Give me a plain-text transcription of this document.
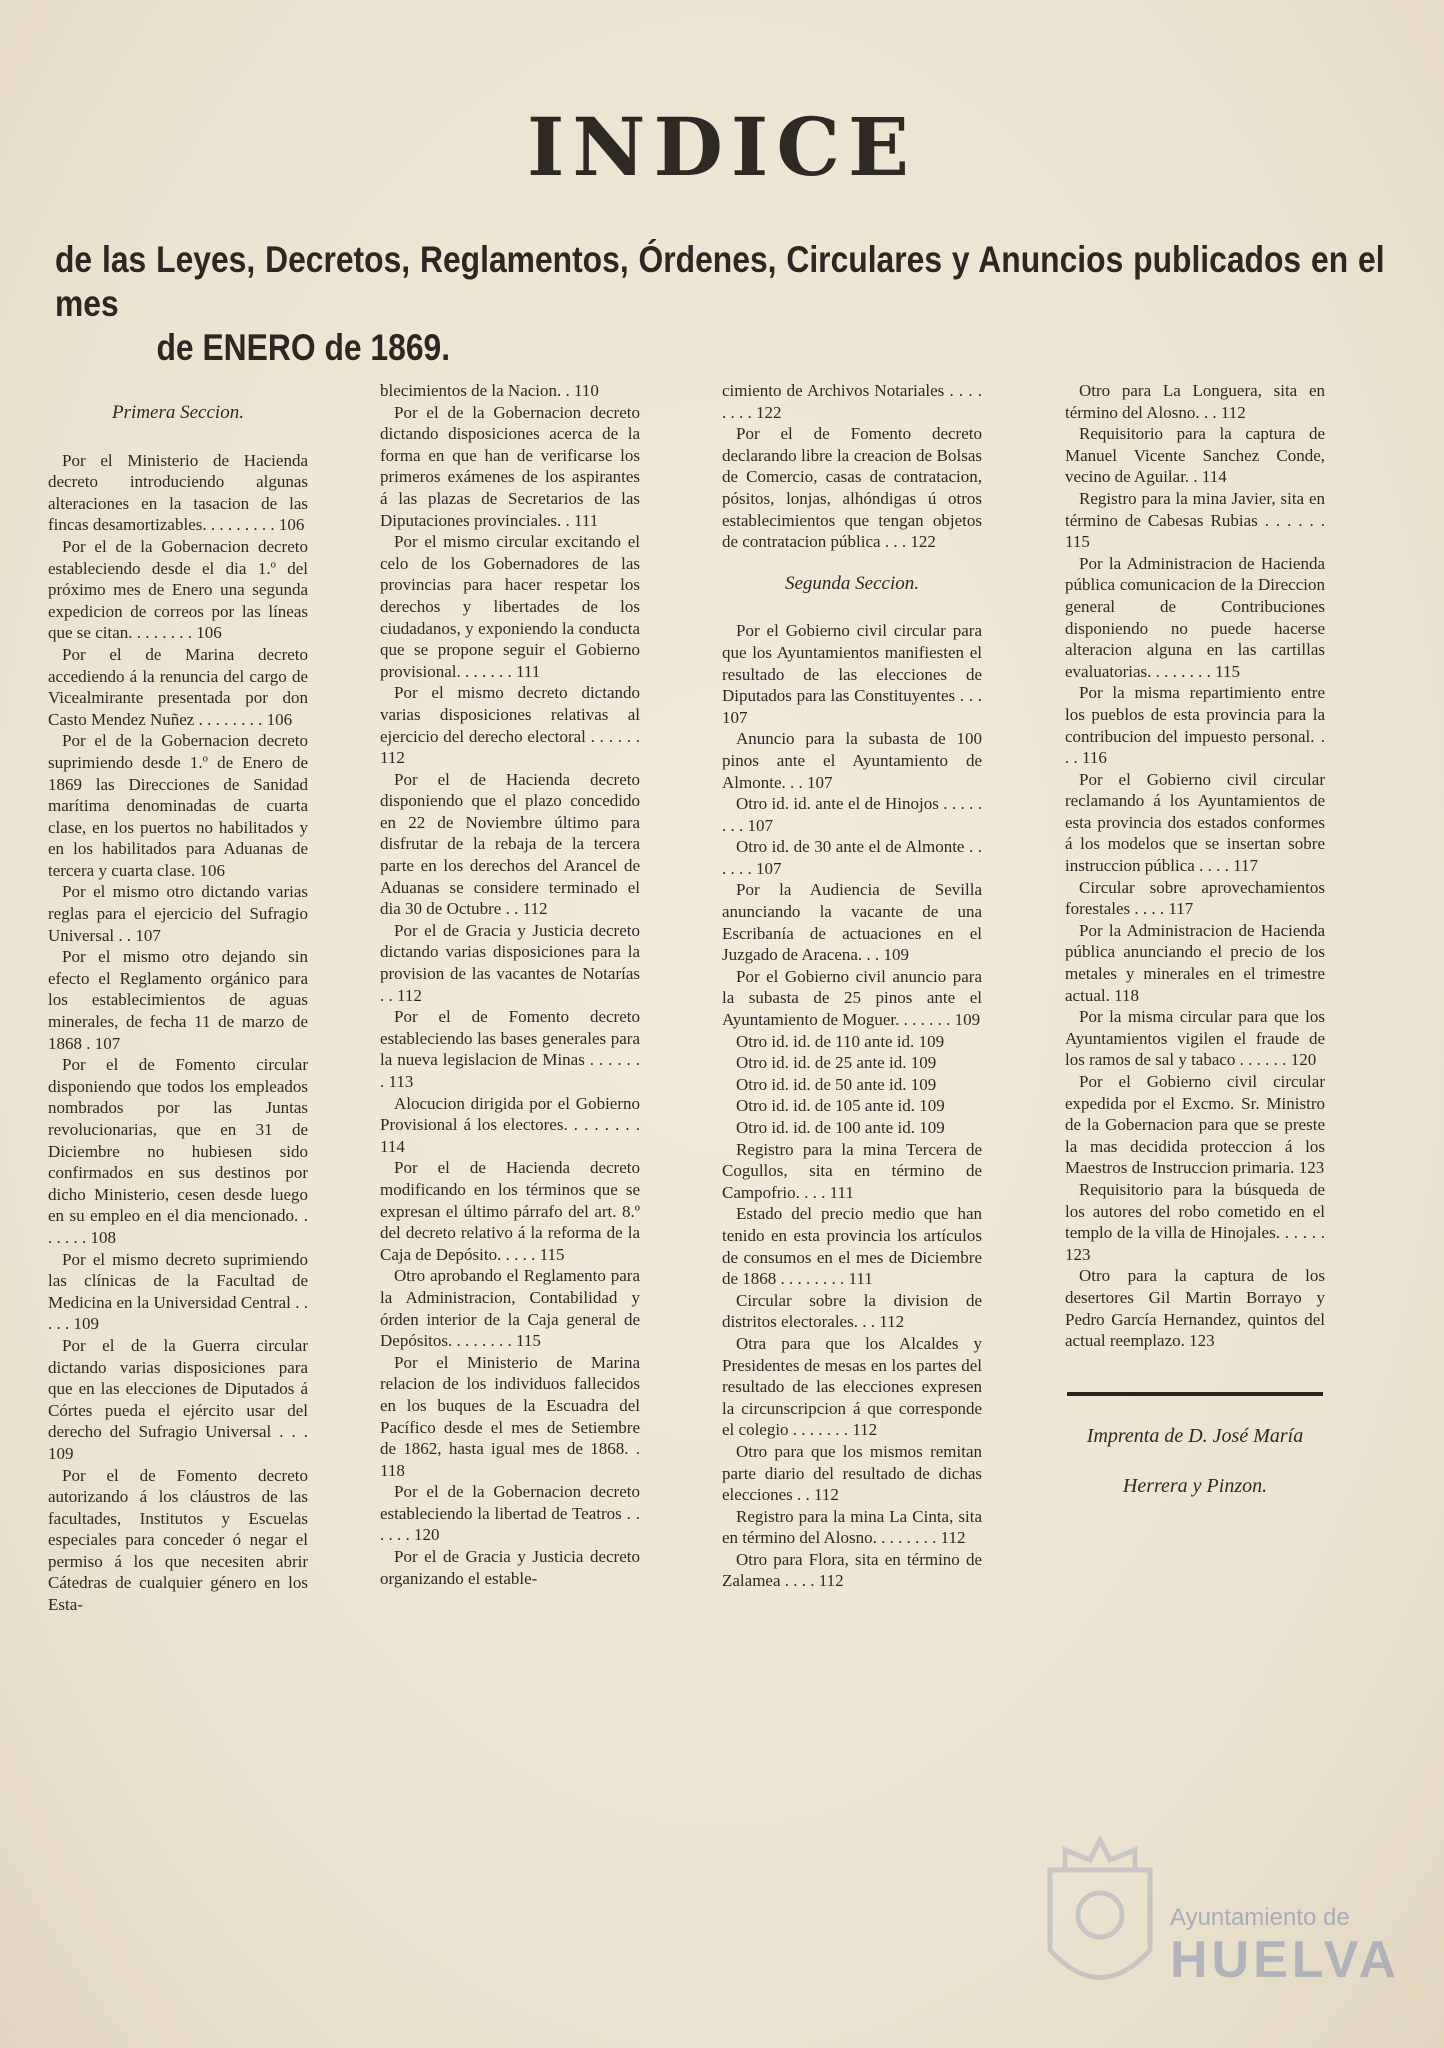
INDICE
de las Leyes, Decretos, Reglamentos, Órdenes, Circulares y Anuncios publicados en el mes
de ENERO de 1869.
Primera Seccion.

Por el Ministerio de Hacienda decreto introduciendo algunas alteraciones en la tasacion de las fincas desamortizables. . . . . . . . . 106

Por el de la Gobernacion decreto estableciendo desde el dia 1.º del próximo mes de Enero una segunda expedicion de correos por las líneas que se citan. . . . . . . . 106

Por el de Marina decreto accediendo á la renuncia del cargo de Vicealmirante presentada por don Casto Mendez Nuñez . . . . . . . . 106

Por el de la Gobernacion decreto suprimiendo desde 1.º de Enero de 1869 las Direcciones de Sanidad marítima denominadas de cuarta clase, en los puertos no habilitados y en los habilitados para Aduanas de tercera y cuarta clase. 106

Por el mismo otro dictando varias reglas para el ejercicio del Sufragio Universal . . 107

Por el mismo otro dejando sin efecto el Reglamento orgánico para los establecimientos de aguas minerales, de fecha 11 de marzo de 1868 . 107

Por el de Fomento circular disponiendo que todos los empleados nombrados por las Juntas revolucionarias, que en 31 de Diciembre no hubiesen sido confirmados en sus destinos por dicho Ministerio, cesen desde luego en su empleo en el dia mencionado. . . . . . . 108

Por el mismo decreto suprimiendo las clínicas de la Facultad de Medicina en la Universidad Central . . . . . 109

Por el de la Guerra circular dictando varias disposiciones para que en las elecciones de Diputados á Córtes pueda el ejército usar del derecho del Sufragio Universal . . . 109

Por el de Fomento decreto autorizando á los cláustros de las facultades, Institutos y Escuelas especiales para conceder ó negar el permiso á los que necesiten abrir Cátedras de cualquier género en los Esta-

blecimientos de la Nacion. . 110

Por el de la Gobernacion decreto dictando disposiciones acerca de la forma en que han de verificarse los primeros exámenes de los aspirantes á las plazas de Secretarios de las Diputaciones provinciales. . 111

Por el mismo circular excitando el celo de los Gobernadores de las provincias para hacer respetar los derechos y libertades de los ciudadanos, y exponiendo la conducta que se propone seguir el Gobierno provisional. . . . . . . 111

Por el mismo decreto dictando varias disposiciones relativas al ejercicio del derecho electoral . . . . . . 112

Por el de Hacienda decreto disponiendo que el plazo concedido en 22 de Noviembre último para disfrutar de la rebaja de la tercera parte en los derechos del Arancel de Aduanas se considere terminado el dia 30 de Octubre . . 112

Por el de Gracia y Justicia decreto dictando varias disposiciones para la provision de las vacantes de Notarías . . 112

Por el de Fomento decreto estableciendo las bases generales para la nueva legislacion de Minas . . . . . . . 113

Alocucion dirigida por el Gobierno Provisional á los electores. . . . . . . . 114

Por el de Hacienda decreto modificando en los términos que se expresan el último párrafo del art. 8.º del decreto relativo á la reforma de la Caja de Depósito. . . . . 115

Otro aprobando el Reglamento para la Administracion, Contabilidad y órden interior de la Caja general de Depósitos. . . . . . . . 115

Por el Ministerio de Marina relacion de los individuos fallecidos en los buques de la Escuadra del Pacífico desde el mes de Setiembre de 1862, hasta igual mes de 1868. . 118

Por el de la Gobernacion decreto estableciendo la libertad de Teatros . . . . . . 120

Por el de Gracia y Justicia decreto organizando el estable-

cimiento de Archivos Notariales . . . . . . . . 122

Por el de Fomento decreto declarando libre la creacion de Bolsas de Comercio, casas de contratacion, pósitos, lonjas, alhóndigas ú otros establecimientos que tengan objetos de contratacion pública . . . 122

Segunda Seccion.

Por el Gobierno civil circular para que los Ayuntamientos manifiesten el resultado de las elecciones de Diputados para las Constituyentes . . . 107

Anuncio para la subasta de 100 pinos ante el Ayuntamiento de Almonte. . . 107

Otro id. id. ante el de Hinojos . . . . . . . . 107

Otro id. de 30 ante el de Almonte . . . . . . 107

Por la Audiencia de Sevilla anunciando la vacante de una Escribanía de actuaciones en el Juzgado de Aracena. . . 109

Por el Gobierno civil anuncio para la subasta de 25 pinos ante el Ayuntamiento de Moguer. . . . . . . 109

Otro id. id. de 110 ante id. 109

Otro id. id. de 25 ante id. 109

Otro id. id. de 50 ante id. 109

Otro id. id. de 105 ante id. 109

Otro id. id. de 100 ante id. 109

Registro para la mina Tercera de Cogullos, sita en término de Campofrio. . . . 111

Estado del precio medio que han tenido en esta provincia los artículos de consumos en el mes de Diciembre de 1868 . . . . . . . . 111

Circular sobre la division de distritos electorales. . . 112

Otra para que los Alcaldes y Presidentes de mesas en los partes del resultado de las elecciones expresen la circunscripcion á que corresponde el colegio . . . . . . . 112

Otro para que los mismos remitan parte diario del resultado de dichas elecciones . . 112

Registro para la mina La Cinta, sita en término del Alosno. . . . . . . . 112

Otro para Flora, sita en término de Zalamea . . . . 112

Otro para La Longuera, sita en término del Alosno. . . 112

Requisitorio para la captura de Manuel Vicente Sanchez Conde, vecino de Aguilar. . 114

Registro para la mina Javier, sita en término de Cabesas Rubias . . . . . . 115

Por la Administracion de Hacienda pública comunicacion de la Direccion general de Contribuciones disponiendo no puede hacerse alteracion alguna en las cartillas evaluatorias. . . . . . . . 115

Por la misma repartimiento entre los pueblos de esta provincia para la contribucion del impuesto personal. . . . 116

Por el Gobierno civil circular reclamando á los Ayuntamientos de esta provincia dos estados conformes á los modelos que se insertan sobre instruccion pública . . . . 117

Circular sobre aprovechamientos forestales . . . . 117

Por la Administracion de Hacienda pública anunciando el precio de los metales y minerales en el trimestre actual. 118

Por la misma circular para que los Ayuntamientos vigilen el fraude de los ramos de sal y tabaco . . . . . . 120

Por el Gobierno civil circular expedida por el Excmo. Sr. Ministro de la Gobernacion para que se preste la mas decidida proteccion á los Maestros de Instruccion primaria. 123

Requisitorio para la búsqueda de los autores del robo cometido en el templo de la villa de Hinojales. . . . . . 123

Otro para la captura de los desertores Gil Martin Borrayo y Pedro García Hernandez, quintos del actual reemplazo. 123

Imprenta de D. José María
Herrera y Pinzon.
Ayuntamiento de
HUELVA
